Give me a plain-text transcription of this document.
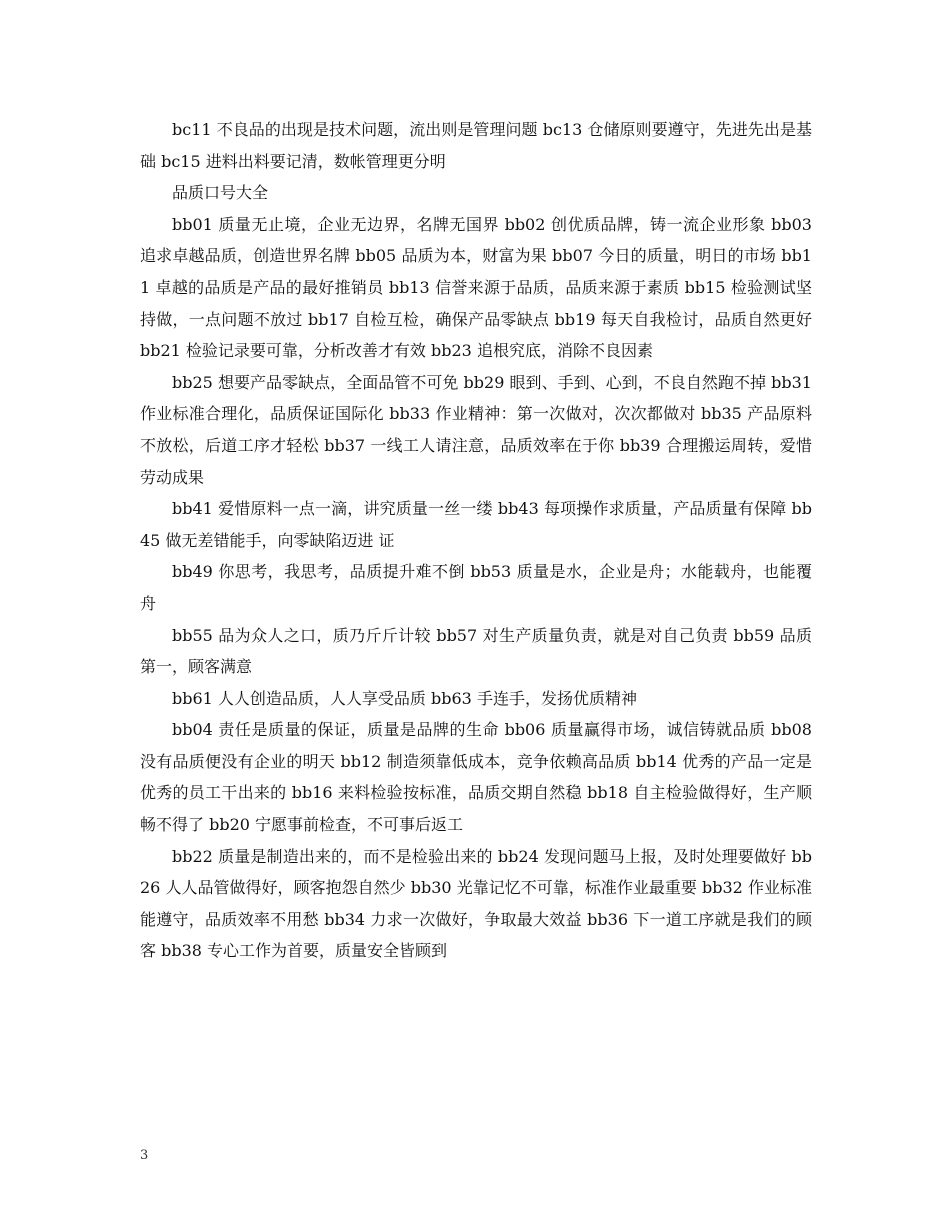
bc11 不良品的出现是技术问题，流出则是管理问题 bc13 仓储原则要遵守，先进先出是基础 bc15 进料出料要记清，数帐管理更分明

品质口号大全

bb01 质量无止境，企业无边界，名牌无国界 bb02 创优质品牌，铸一流企业形象 bb03 追求卓越品质，创造世界名牌 bb05 品质为本，财富为果 bb07 今日的质量，明日的市场 bb11 卓越的品质是产品的最好推销员 bb13 信誉来源于品质，品质来源于素质 bb15 检验测试坚持做，一点问题不放过 bb17 自检互检，确保产品零缺点 bb19 每天自我检讨，品质自然更好 bb21 检验记录要可靠，分析改善才有效 bb23 追根究底，消除不良因素

bb25 想要产品零缺点，全面品管不可免 bb29 眼到、手到、心到，不良自然跑不掉 bb31 作业标准合理化，品质保证国际化 bb33 作业精神：第一次做对，次次都做对 bb35 产品原料不放松，后道工序才轻松 bb37 一线工人请注意，品质效率在于你 bb39 合理搬运周转，爱惜劳动成果

bb41 爱惜原料一点一滴，讲究质量一丝一缕 bb43 每项操作求质量，产品质量有保障 bb45 做无差错能手，向零缺陷迈进 证

bb49 你思考，我思考，品质提升难不倒 bb53 质量是水，企业是舟；水能载舟，也能覆舟

bb55 品为众人之口，质乃斤斤计较 bb57 对生产质量负责，就是对自己负责 bb59 品质第一，顾客满意

bb61 人人创造品质，人人享受品质 bb63 手连手，发扬优质精神

bb04 责任是质量的保证，质量是品牌的生命 bb06 质量赢得市场，诚信铸就品质 bb08 没有品质便没有企业的明天 bb12 制造须靠低成本，竞争依赖高品质 bb14 优秀的产品一定是优秀的员工干出来的 bb16 来料检验按标准，品质交期自然稳 bb18 自主检验做得好，生产顺畅不得了 bb20 宁愿事前检查，不可事后返工

bb22 质量是制造出来的，而不是检验出来的 bb24 发现问题马上报，及时处理要做好 bb26 人人品管做得好，顾客抱怨自然少 bb30 光靠记忆不可靠，标准作业最重要 bb32 作业标准能遵守，品质效率不用愁 bb34 力求一次做好，争取最大效益 bb36 下一道工序就是我们的顾客 bb38 专心工作为首要，质量安全皆顾到

3
